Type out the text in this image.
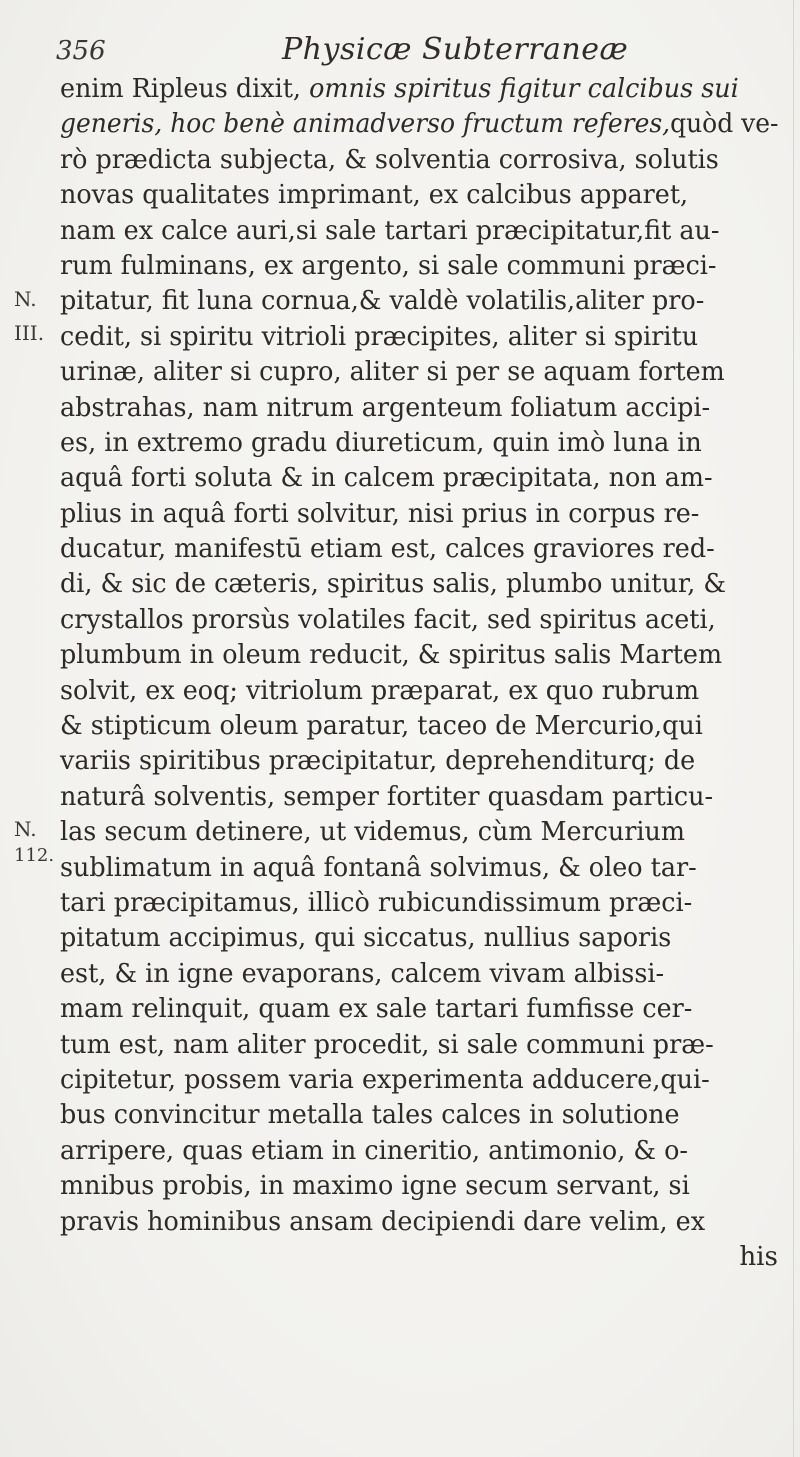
356	Physicæ Subterraneæ
N.
III.
N.
112.
enim Ripleus dixit, omnis spiritus figitur calcibus sui
generis, hoc benè animadverso fructum referes,quòd ve-
rò prædicta subjecta, & solventia corrosiva, solutis
novas qualitates imprimant, ex calcibus apparet,
nam ex calce auri,si sale tartari præcipitatur,fit au-
rum fulminans, ex argento, si sale communi præci-
pitatur, fit luna cornua,& valdè volatilis,aliter pro-
cedit, si spiritu vitrioli præcipites, aliter si spiritu
urinæ, aliter si cupro, aliter si per se aquam fortem
abstrahas, nam nitrum argenteum foliatum accipi-
es, in extremo gradu diureticum, quin imò luna in
aquâ forti soluta & in calcem præcipitata, non am-
plius in aquâ forti solvitur, nisi prius in corpus re-
ducatur, manifestū etiam est, calces graviores red-
di, & sic de cæteris, spiritus salis, plumbo unitur, &
crystallos prorsùs volatiles facit, sed spiritus aceti,
plumbum in oleum reducit, & spiritus salis Martem
solvit, ex eoq; vitriolum præparat, ex quo rubrum
& stipticum oleum paratur, taceo de Mercurio,qui
variis spiritibus præcipitatur, deprehenditurq; de
naturâ solventis, semper fortiter quasdam particu-
las secum detinere, ut videmus, cùm Mercurium
sublimatum in aquâ fontanâ solvimus, & oleo tar-
tari præcipitamus, illicò rubicundissimum præci-
pitatum accipimus, qui siccatus, nullius saporis
est, & in igne evaporans, calcem vivam albissi-
mam relinquit, quam ex sale tartari fumfisse cer-
tum est, nam aliter procedit, si sale communi præ-
cipitetur, possem varia experimenta adducere,qui-
bus convincitur metalla tales calces in solutione
arripere, quas etiam in cineritio, antimonio, & o-
mnibus probis, in maximo igne secum servant, si
pravis hominibus ansam decipiendi dare velim, ex
his
